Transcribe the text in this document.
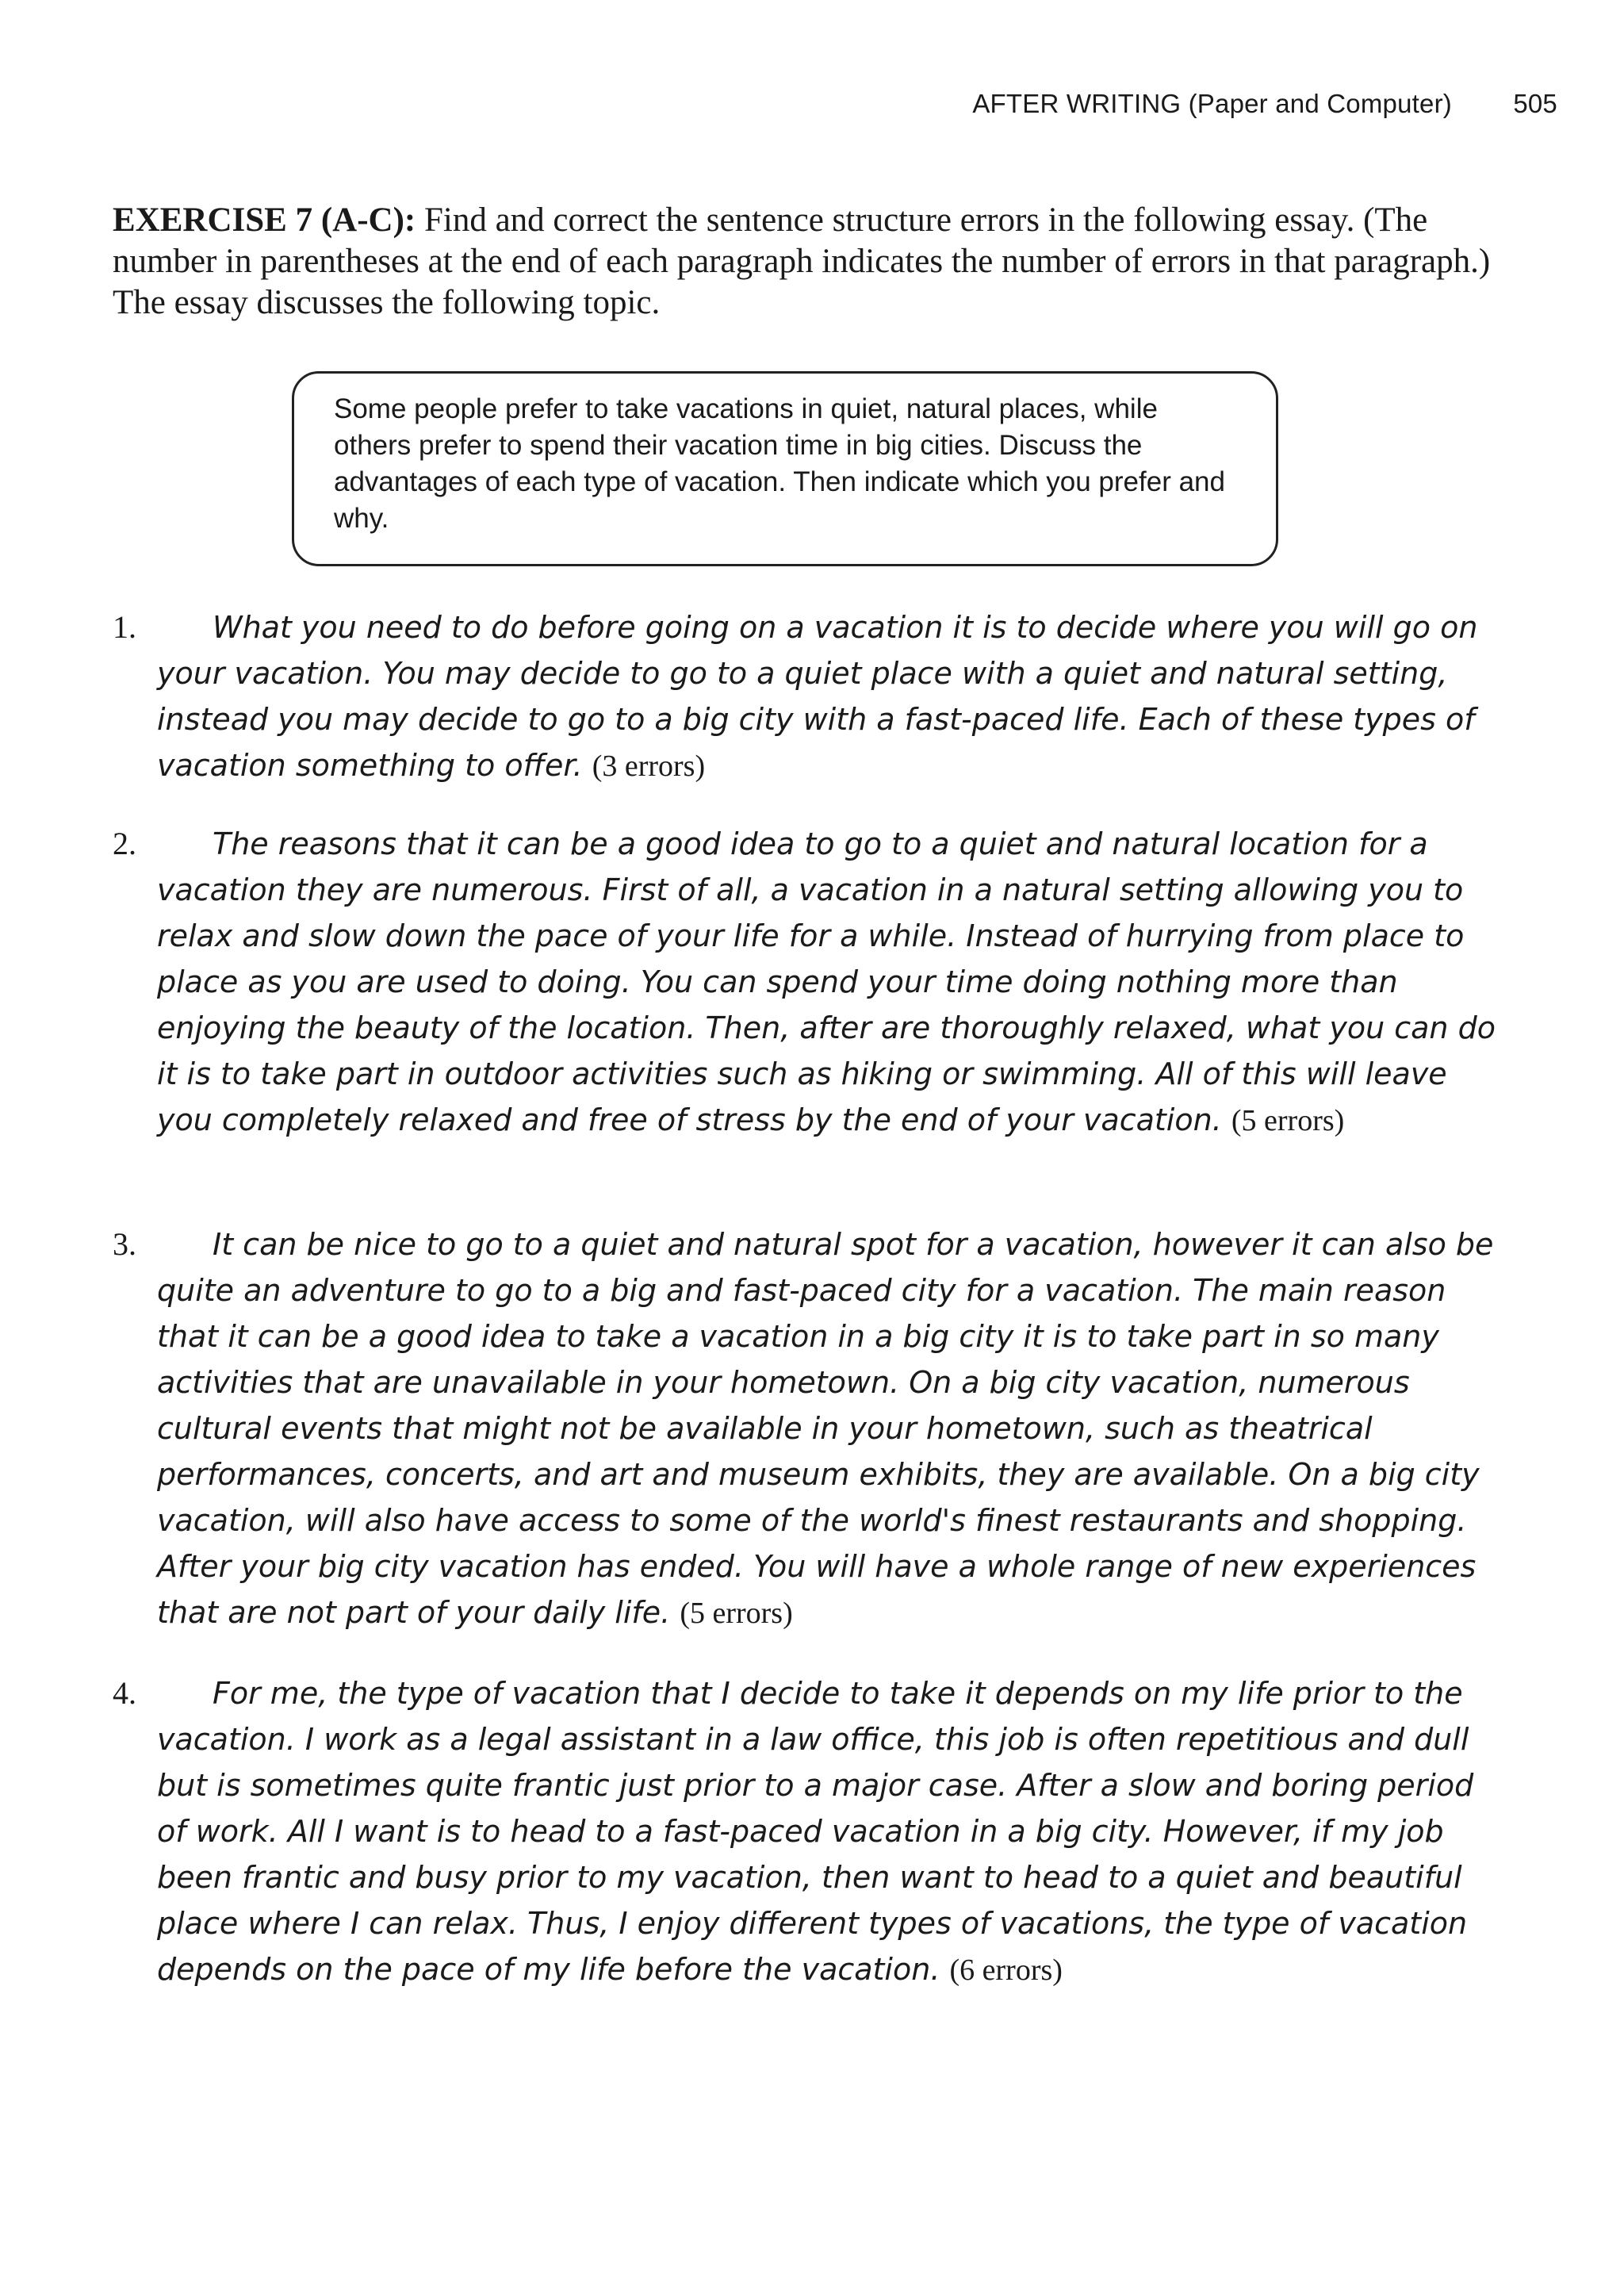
AFTER WRITING (Paper and Computer) 505
EXERCISE 7 (A-C): Find and correct the sentence structure errors in the following essay. (The number in parentheses at the end of each paragraph indicates the number of errors in that paragraph.) The essay discusses the following topic.
Some people prefer to take vacations in quiet, natural places, while others prefer to spend their vacation time in big cities. Discuss the advantages of each type of vacation. Then indicate which you prefer and why.
1.	What you need to do before going on a vacation it is to decide where you will go on your vacation. You may decide to go to a quiet place with a quiet and natural setting, instead you may decide to go to a big city with a fast-paced life. Each of these types of vacation something to offer. (3 errors)
2.	The reasons that it can be a good idea to go to a quiet and natural location for a vacation they are numerous. First of all, a vacation in a natural setting allowing you to relax and slow down the pace of your life for a while. Instead of hurrying from place to place as you are used to doing. You can spend your time doing nothing more than enjoying the beauty of the location. Then, after are thoroughly relaxed, what you can do it is to take part in outdoor activities such as hiking or swimming. All of this will leave you completely relaxed and free of stress by the end of your vacation. (5 errors)
3.	It can be nice to go to a quiet and natural spot for a vacation, however it can also be quite an adventure to go to a big and fast-paced city for a vacation. The main reason that it can be a good idea to take a vacation in a big city it is to take part in so many activities that are unavailable in your hometown. On a big city vacation, numerous cultural events that might not be available in your hometown, such as theatrical performances, concerts, and art and museum exhibits, they are available. On a big city vacation, will also have access to some of the world's finest restaurants and shopping. After your big city vacation has ended. You will have a whole range of new experiences that are not part of your daily life. (5 errors)
4.	For me, the type of vacation that I decide to take it depends on my life prior to the vacation. I work as a legal assistant in a law office, this job is often repetitious and dull but is sometimes quite frantic just prior to a major case. After a slow and boring period of work. All I want is to head to a fast-paced vacation in a big city. However, if my job been frantic and busy prior to my vacation, then want to head to a quiet and beautiful place where I can relax. Thus, I enjoy different types of vacations, the type of vacation depends on the pace of my life before the vacation. (6 errors)
